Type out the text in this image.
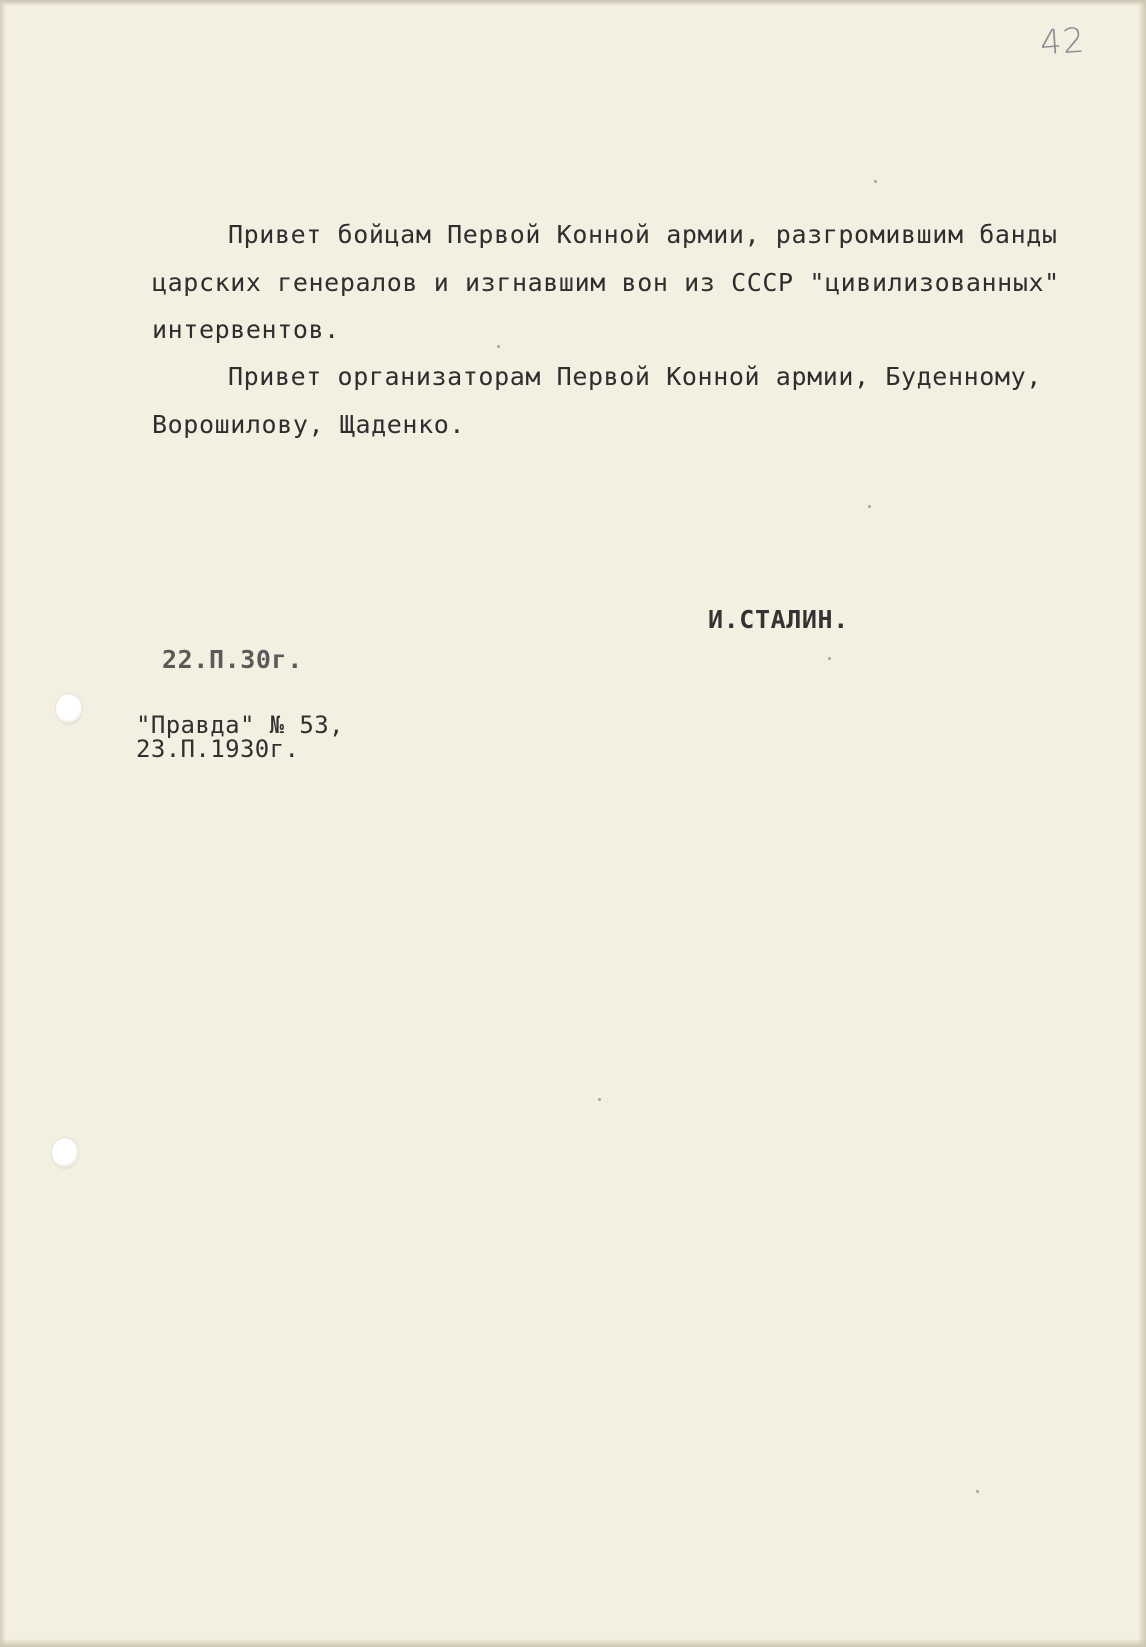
42
Привет бойцам Первой Конной армии, разгромившим банды
царских генералов и изгнавшим вон из СССР "цивилизованных"
интервентов.
Привет организаторам Первой Конной армии, Буденному,
Ворошилову, Щаденко.
И.СТАЛИН.
22.П.30г.
"Правда" № 53,
23.П.1930г.
